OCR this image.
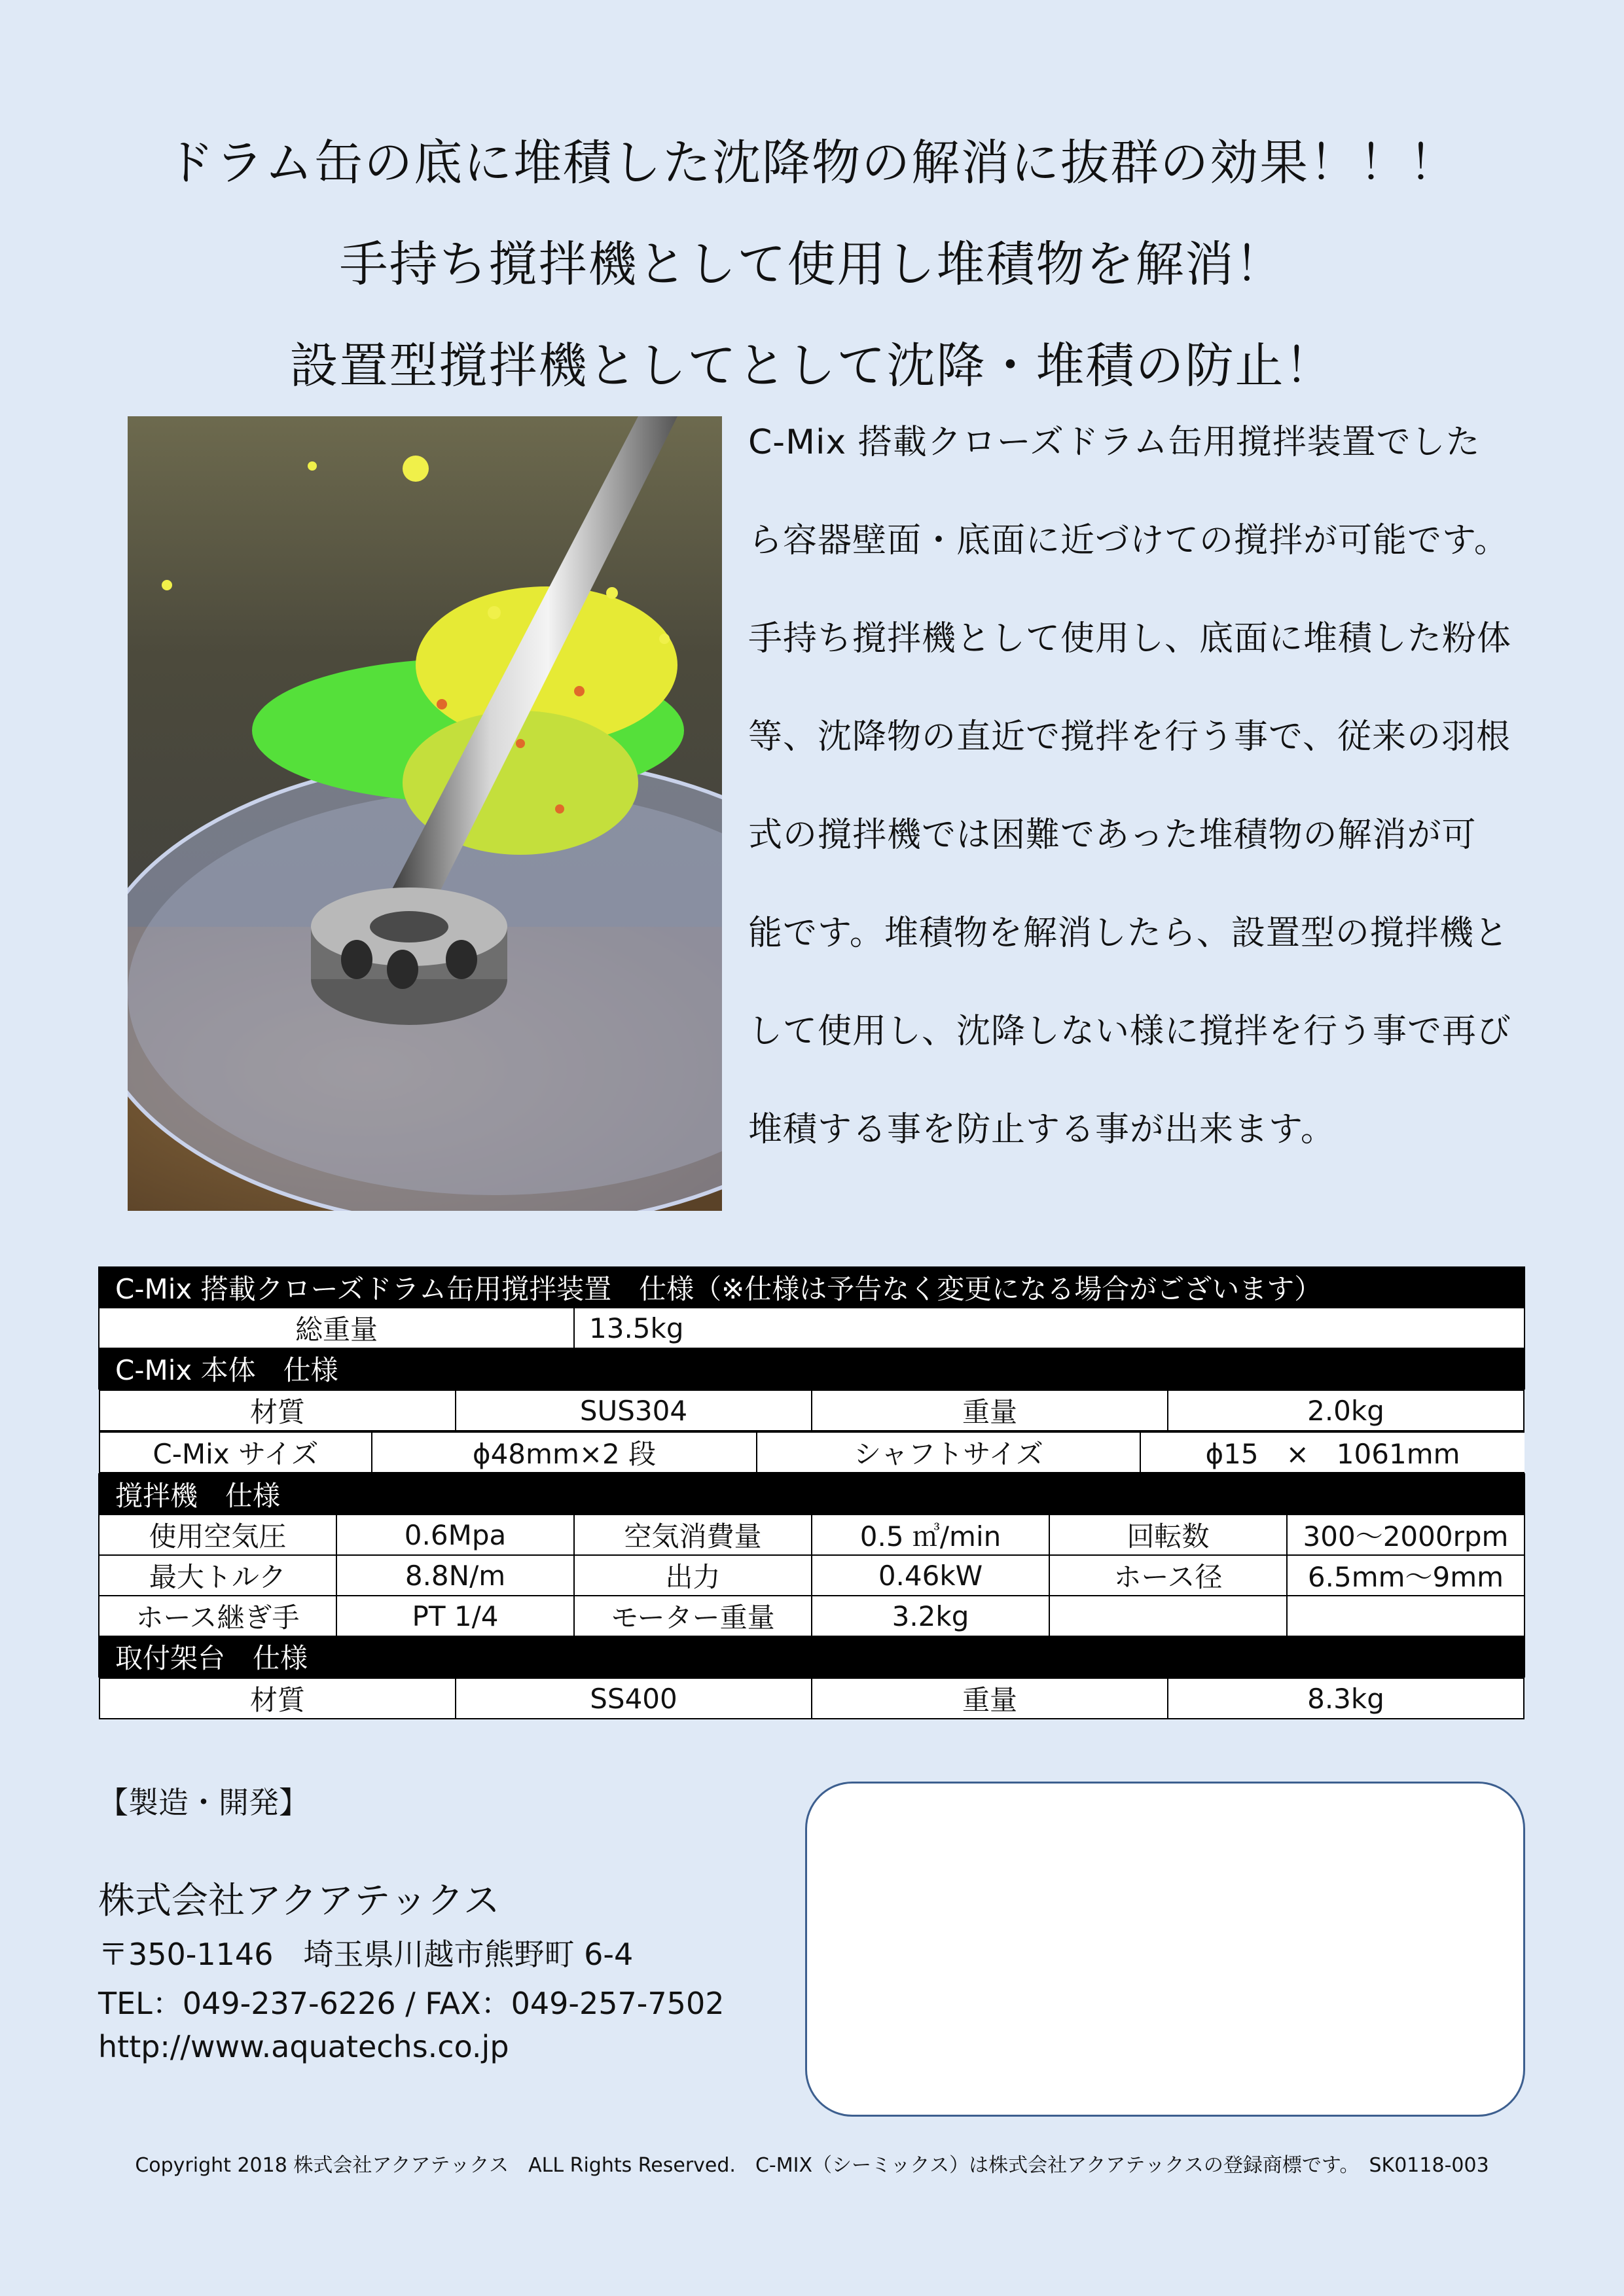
ドラム缶の底に堆積した沈降物の解消に抜群の効果！！！
手持ち撹拌機として使用し堆積物を解消！
設置型撹拌機としてとして沈降・堆積の防止！
C-Mix 搭載クローズドラム缶用撹拌装置でした
ら容器壁面・底面に近づけての撹拌が可能です。
手持ち撹拌機として使用し、底面に堆積した粉体
等、沈降物の直近で撹拌を行う事で、従来の羽根
式の撹拌機では困難であった堆積物の解消が可
能です。堆積物を解消したら、設置型の撹拌機と
して使用し、沈降しない様に撹拌を行う事で再び
堆積する事を防止する事が出来ます。
C-Mix 搭載クローズドラム缶用撹拌装置　仕様（※仕様は予告なく変更になる場合がございます）
総重量	13.5kg
C-Mix 本体　仕様

材質	SUS304	重量	2.0kg

C-Mix サイズ	ϕ48mm×2 段	シャフトサイズ	ϕ15　×　1061mm

撹拌機　仕様
使用空気圧	0.6Mpa	空気消費量	0.5 ㎥/min	回転数	300〜2000rpm
最大トルク	8.8N/m	出力	0.46kW	ホース径	6.5mm〜9mm
ホース継ぎ手	PT 1/4	モーター重量	3.2kg		
取付架台　仕様

材質	SS400	重量	8.3kg
【製造・開発】
株式会社アクアテックス
〒350-1146　埼玉県川越市熊野町 6-4
TEL：049-237-6226 / FAX：049-257-7502
http://www.aquatechs.co.jp
Copyright 2018 株式会社アクアテックス　ALL Rights Reserved.　C-MIX（シーミックス）は株式会社アクアテックスの登録商標です。　SK0118-003
